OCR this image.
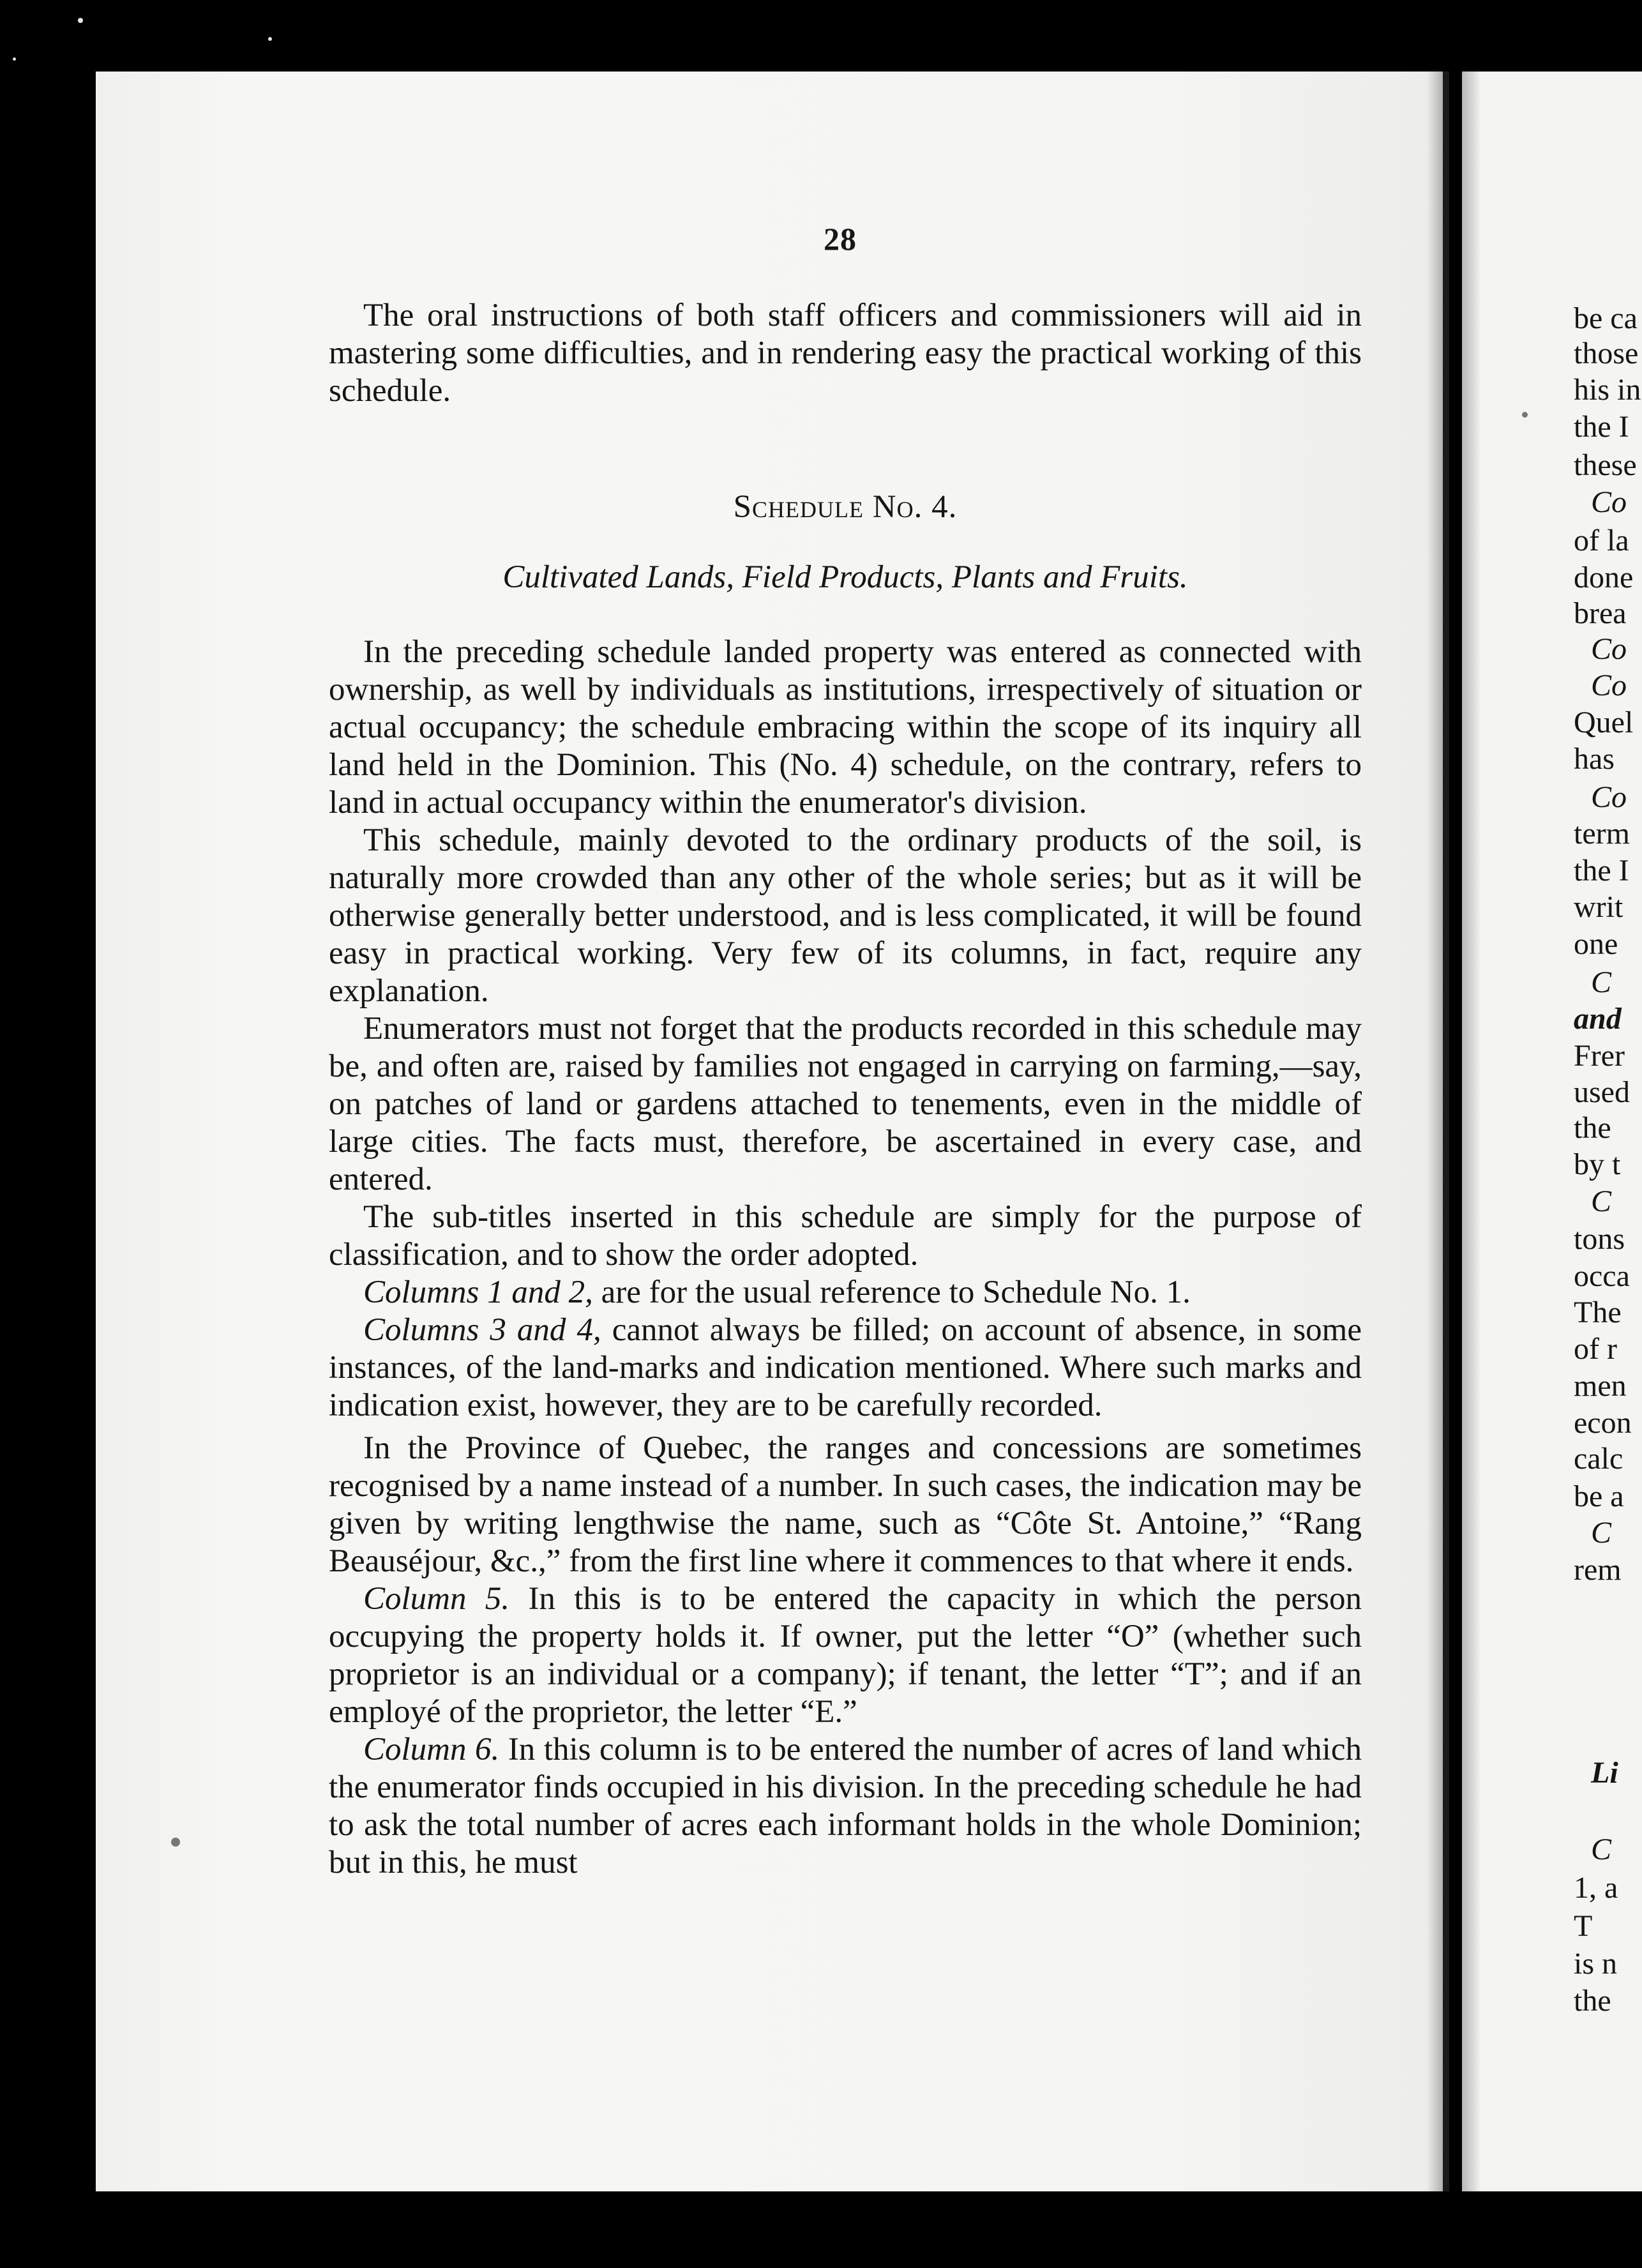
28

The oral instructions of both staff officers and commissioners will aid in mastering some difficulties, and in rendering easy the practical working of this schedule.

Schedule No. 4.
Cultivated Lands, Field Products, Plants and Fruits.

In the preceding schedule landed property was entered as connected with ownership, as well by individuals as institutions, irrespectively of situation or actual occupancy; the schedule embracing within the scope of its inquiry all land held in the Dominion. This (No. 4) schedule, on the contrary, refers to land in actual occupancy within the enumerator's division.

This schedule, mainly devoted to the ordinary products of the soil, is naturally more crowded than any other of the whole series; but as it will be otherwise generally better understood, and is less complicated, it will be found easy in practical working. Very few of its columns, in fact, require any explanation.

Enumerators must not forget that the products recorded in this schedule may be, and often are, raised by families not engaged in carrying on farming,—say, on patches of land or gardens attached to tenements, even in the middle of large cities. The facts must, therefore, be ascertained in every case, and entered.

The sub-titles inserted in this schedule are simply for the purpose of classification, and to show the order adopted.

Columns 1 and 2, are for the usual reference to Schedule No. 1.

Columns 3 and 4, cannot always be filled; on account of absence, in some instances, of the land-marks and indication mentioned. Where such marks and indication exist, however, they are to be carefully recorded.

In the Province of Quebec, the ranges and concessions are sometimes recognised by a name instead of a number. In such cases, the indication may be given by writing lengthwise the name, such as “Côte St. Antoine,” “Rang Beauséjour, &c.,” from the first line where it commences to that where it ends.

Column 5. In this is to be entered the capacity in which the person occupying the property holds it. If owner, put the letter “O” (whether such proprietor is an individual or a company); if tenant, the letter “T”; and if an employé of the proprietor, the letter “E.”

Column 6. In this column is to be entered the number of acres of land which the enumerator finds occupied in his division. In the preceding schedule he had to ask the total number of acres each informant holds in the whole Dominion; but in this, he must

be ca
those
his in
the I
these
Co
of la
done
brea
Co
Co
Quel
has
Co
term
the I
writ
one
C
and
Frer
used
the
by t
C
tons
occa
The
of r
men
econ
calc
be a
C
rem
Li
C
1, a
T
is n
the
